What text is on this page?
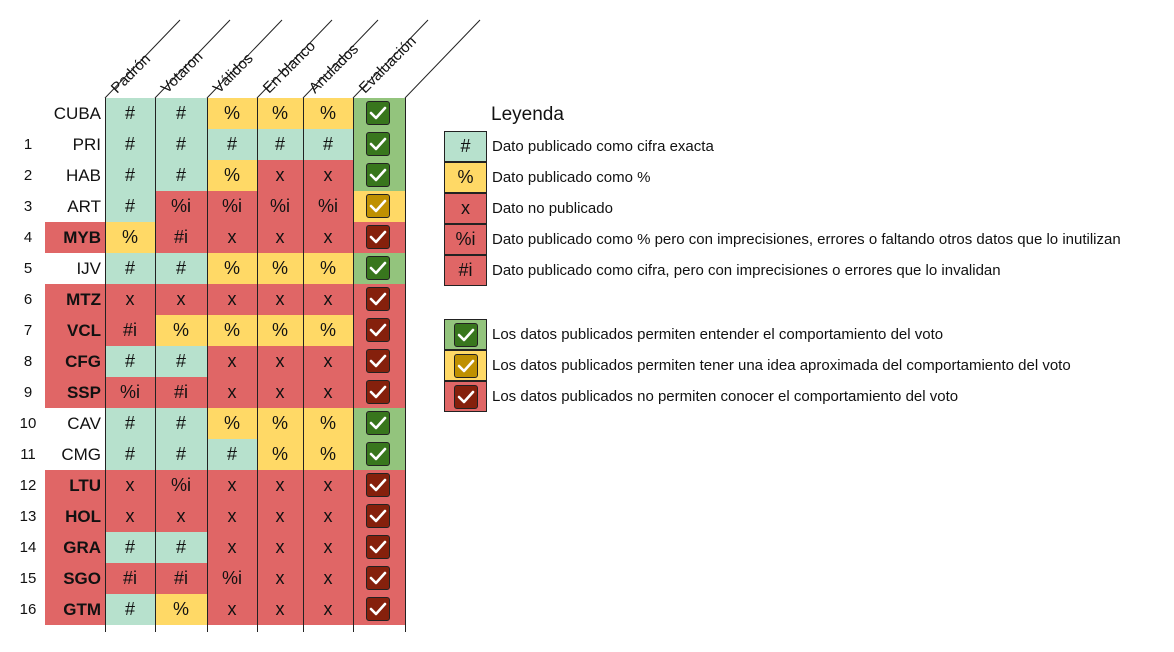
Padrón Votaron Válidos En blanco
Anulados
Evaluación
CUBA	#	#	%	%	%
1	PRI	#	#	#	#	#
2	HAB	#	#	%	x	x
3	ART	#	%i	%i	%i	%i
4	MYB	%	#i	x	x	x
5	IJV	#	#	%	%	%
6	MTZ	x	x	x	x	x
7	VCL	#i	%	%	%	%
8	CFG	#	#	x	x	x
9	SSP	%i	#i	x	x	x
10	CAV	#	#	%	%	%
11	CMG	#	#	#	%	%
12	LTU	x	%i	x	x	x
13	HOL	x	x	x	x	x
14	GRA	#	#	x	x	x
15	SGO	#i	#i	%i	x	x
16	GTM	#	%	x	x	x
Leyenda
#	Dato publicado como cifra exacta
%	Dato publicado como %
x	Dato no publicado
%i	Dato publicado como % pero con imprecisiones, errores o faltando otros datos que lo inutilizan
#i	Dato publicado como cifra, pero con imprecisiones o errores que lo invalidan
Los datos publicados permiten entender el comportamiento del voto
Los datos publicados permiten tener una idea aproximada del comportamiento del voto
Los datos publicados no permiten conocer el comportamiento del voto
